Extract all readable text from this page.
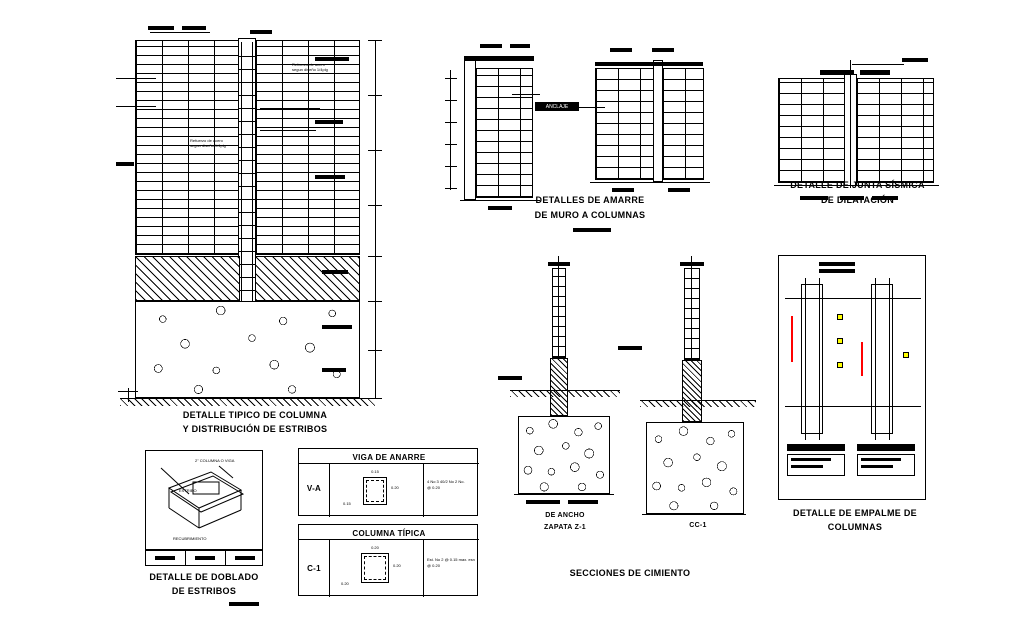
Refuerzo de acero
segun diseño 1/4plg
Refuerzo de acero
segun diseño 1/4plg
DETALLE TIPICO DE COLUMNA
Y DISTRIBUCIÓN DE ESTRIBOS
ANCLAJE
DETALLES DE AMARRE
DE MURO A COLUMNAS
DETALLE DE JUNTA SÍSMICA
DE DILATACIÓN
DE ANCHO
ZAPATA Z-1	CC-1
SECCIONES DE CIMIENTO
DETALLE DE EMPALME DE
COLUMNAS
2" COLUMNA O VIGA
RECUBRIMIENTO
ESTRIBO
DETALLE DE DOBLADO
DE ESTRIBOS
VIGA DE ANARRE
V-A
0.15
0.20
0.15
4 No 3 40/2 No 2 No.
@ 0.20
COLUMNA TÍPICA
C-1
0.20
0.20
0.20
Est. No 2 @ 0.15 max. esn
@ 0.20
